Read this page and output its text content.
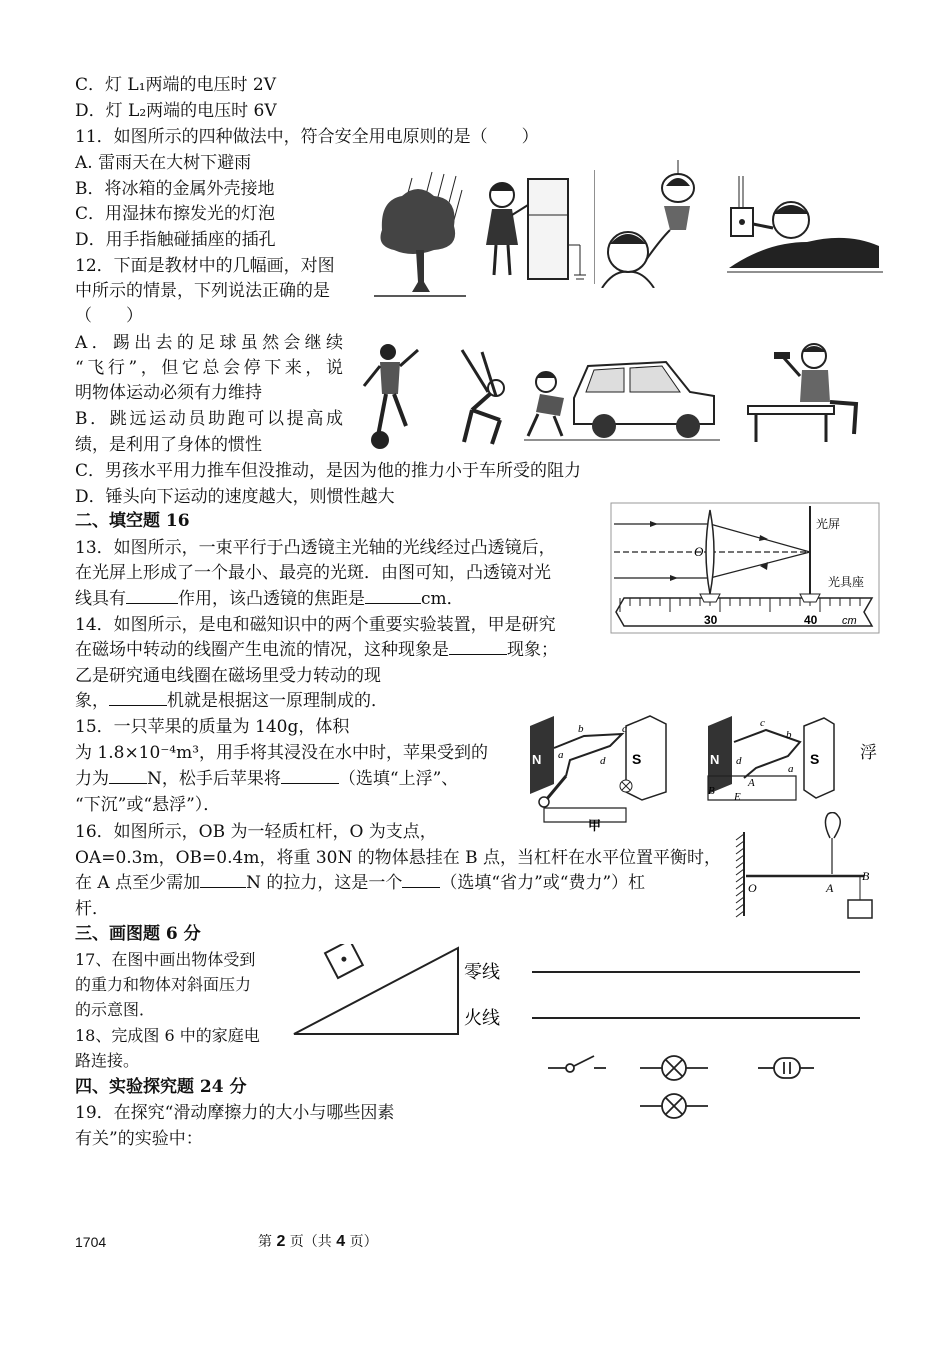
C．灯 L₁两端的电压时 2V
D．灯 L₂两端的电压时 6V
11．如图所示的四种做法中，符合安全用电原则的是（　　）
A. 雷雨天在大树下避雨
B．将冰箱的金属外壳接地
C．用湿抹布擦发光的灯泡
D．用手指触碰插座的插孔
12．下面是教材中的几幅画，对图
中所示的情景，下列说法正确的是
（　　）
A．踢出去的足球虽然会继续
“飞行”，但它总会停下来，说
明物体运动必须有力维持
B．跳远运动员助跑可以提高成
绩，是利用了身体的惯性
C．男孩水平用力推车但没推动，是因为他的推力小于车所受的阻力
D．锤头向下运动的速度越大，则惯性越大
二、填空题 16
13．如图所示，一束平行于凸透镜主光轴的光线经过凸透镜后，
在光屏上形成了一个最小、最亮的光斑．由图可知，凸透镜对光
线具有	作用，该凸透镜的焦距是	cm．
O
光屏
光具座
30	40 cm
14．如图所示，是电和磁知识中的两个重要实验装置，甲是研究
在磁场中转动的线圈产生电流的情况，这种现象是	现象；
乙是研究通电线圈在磁场里受力转动的现
象，	机就是根据这一原理制成的．
N	S
b	c
d
a
甲
N	S
c
b
a
d
A
B E
15．一只苹果的质量为 140g，体积
为 1.8×10⁻⁴m³，用手将其浸没在水中时，苹果受到的	浮
力为 N，松手后苹果将	（选填“上浮”、
“下沉”或“悬浮”）．
16．如图所示，OB 为一轻质杠杆，O 为支点，
OA=0.3m，OB=0.4m，将重 30N 的物体悬挂在 B 点，当杠杆在水平位置平衡时，
在 A 点至少需加	N 的拉力，这是一个 （选填“省力”或“费力”）杠
杆．
O	A
B
三、画图题 6 分
17、在图中画出物体受到
的重力和物体对斜面压力
的示意图．
18、完成图 6 中的家庭电
路连接。
零线
火线
四、实验探究题 24 分
19．在探究“滑动摩擦力的大小与哪些因素
有关”的实验中：
1704	第 2 页（共 4 页）
